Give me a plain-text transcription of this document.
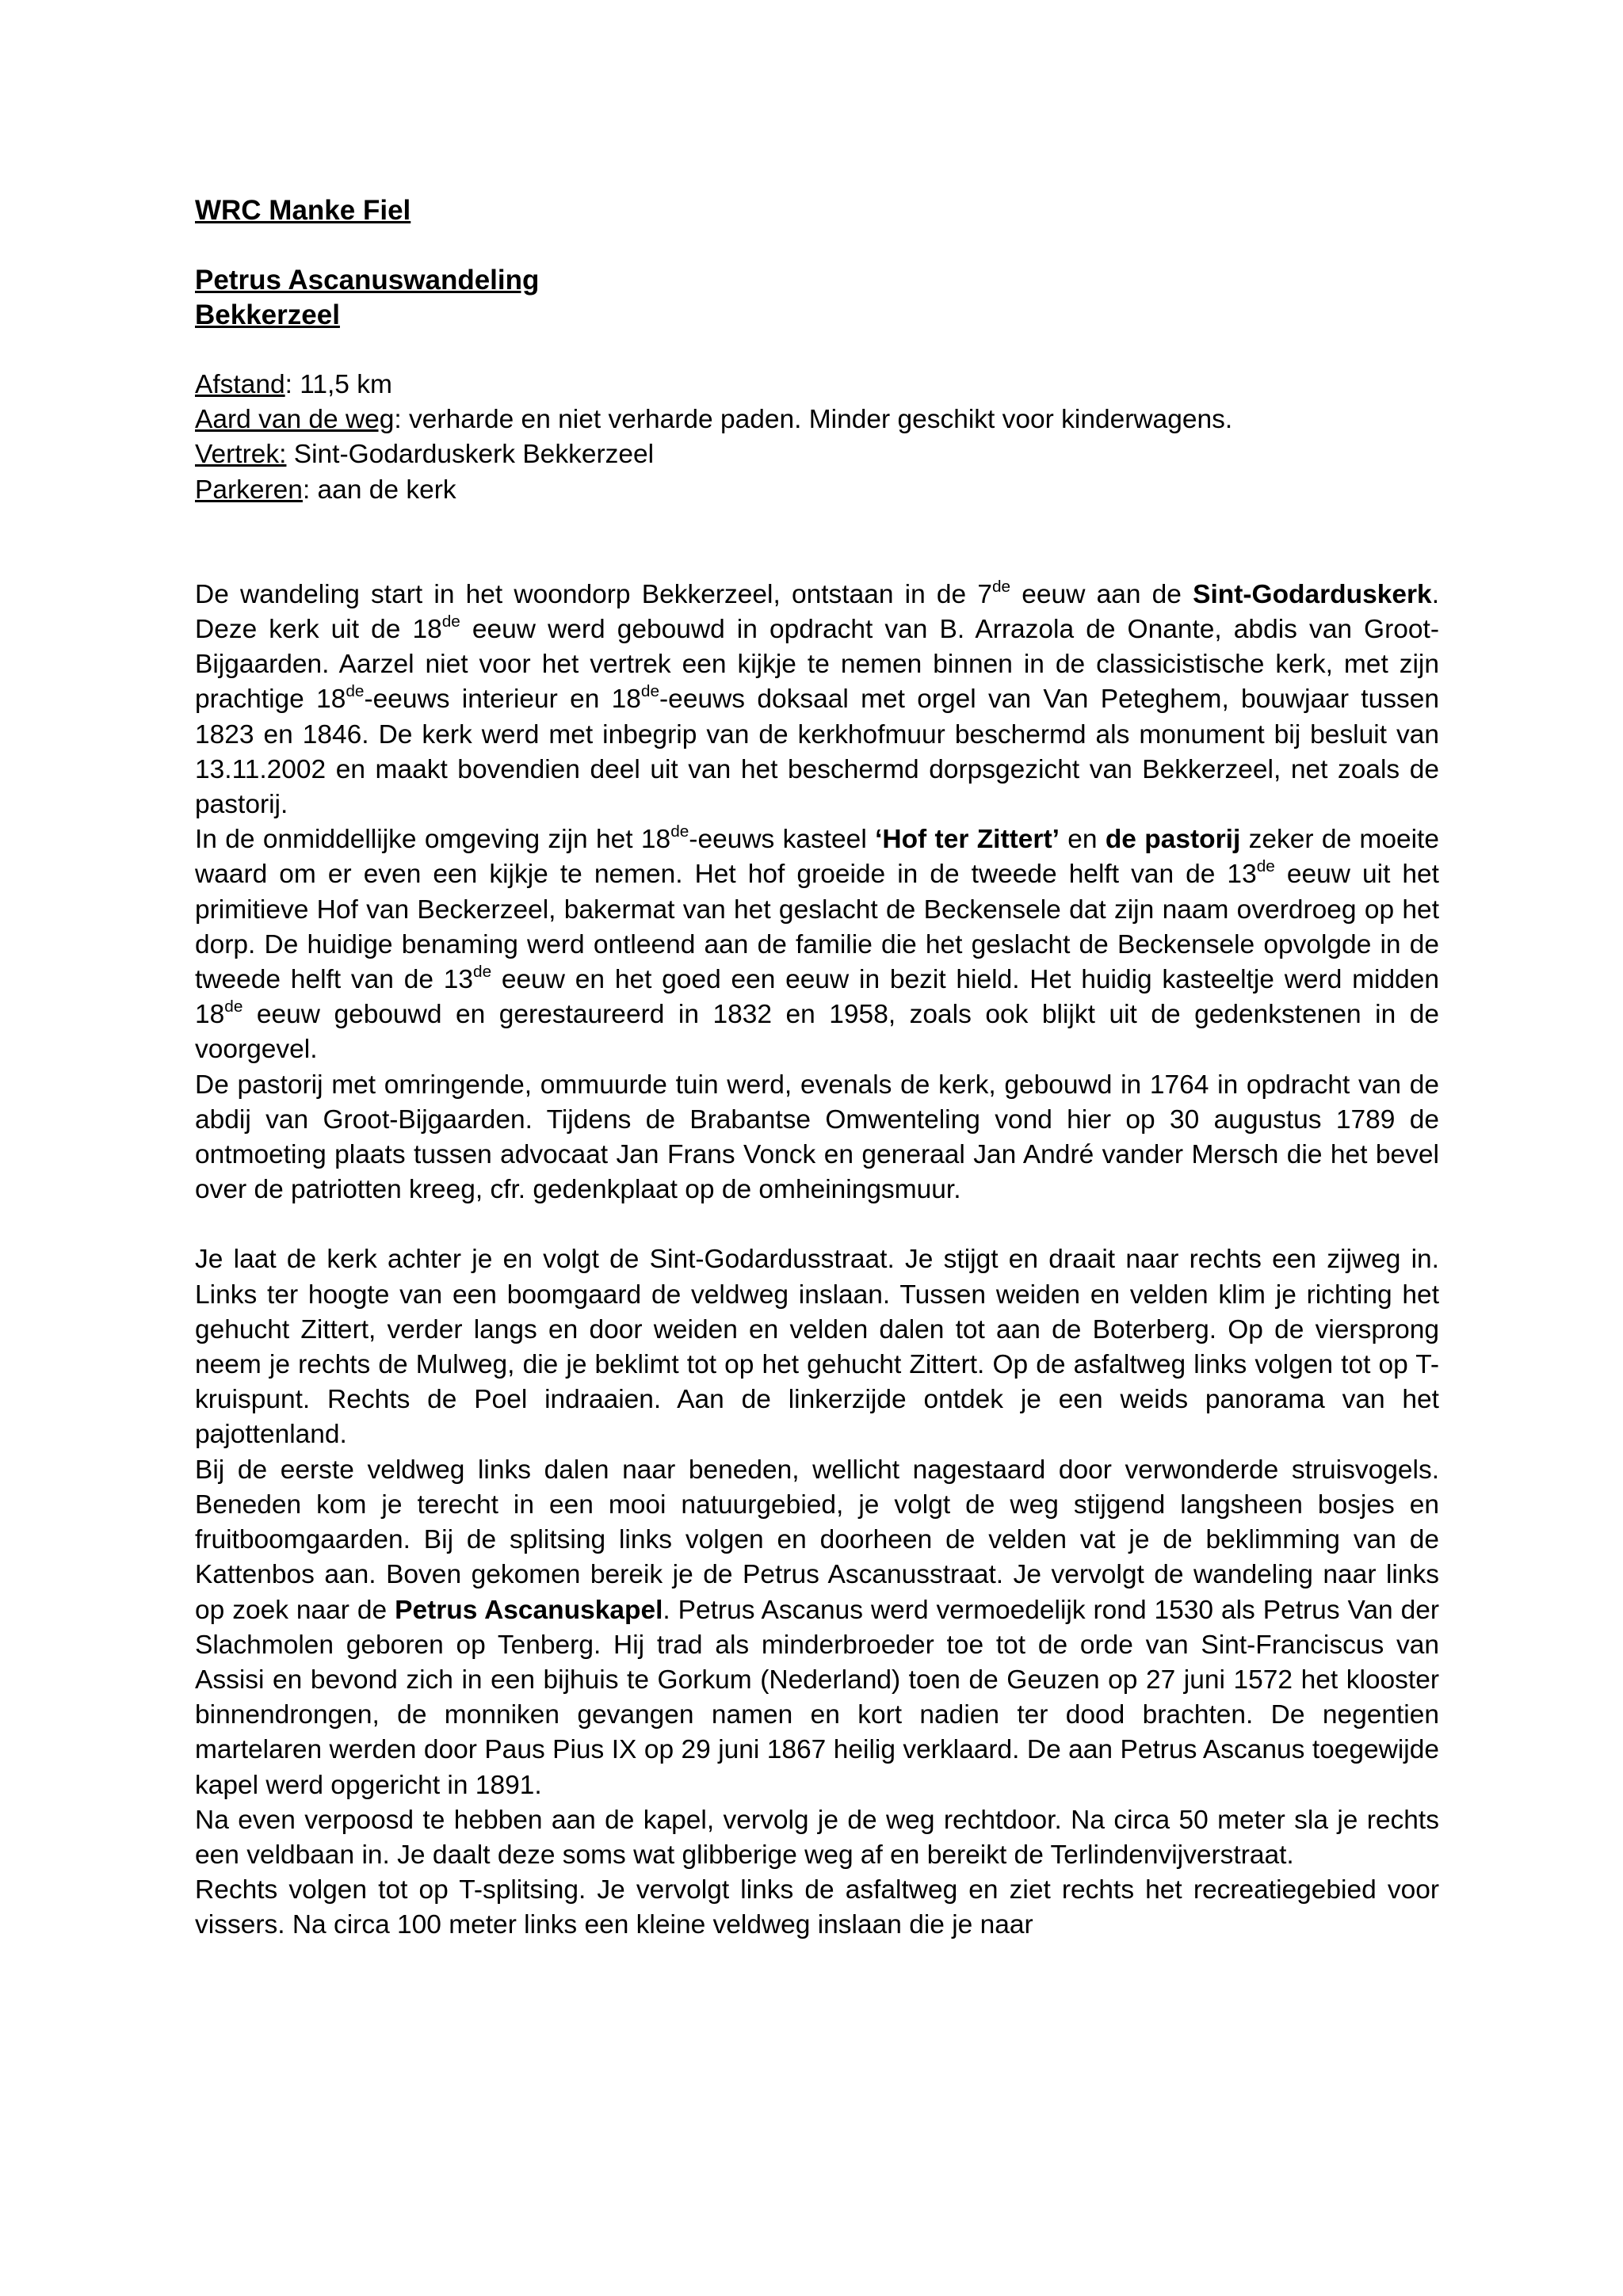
WRC Manke Fiel

Petrus Ascanuswandeling

Bekkerzeel

Afstand: 11,5 km

Aard van de weg: verharde en niet verharde paden. Minder geschikt voor kinderwagens.

Vertrek: Sint-Godarduskerk Bekkerzeel

Parkeren: aan de kerk

De wandeling start in het woondorp Bekkerzeel, ontstaan in de 7de eeuw aan de Sint-Godarduskerk. Deze kerk uit de 18de eeuw werd gebouwd in opdracht van B. Arrazola de Onante, abdis van Groot-Bijgaarden. Aarzel niet voor het vertrek een kijkje te nemen binnen in de classicistische kerk, met zijn prachtige 18de-eeuws interieur en 18de-eeuws doksaal met orgel van Van Peteghem, bouwjaar tussen 1823 en 1846. De kerk werd met inbegrip van de kerkhofmuur beschermd als monument bij besluit van 13.11.2002 en maakt bovendien deel uit van het beschermd dorpsgezicht van Bekkerzeel, net zoals de pastorij.

In de onmiddellijke omgeving zijn het 18de-eeuws kasteel ‘Hof ter Zittert’ en de pastorij zeker de moeite waard om er even een kijkje te nemen. Het hof groeide in de tweede helft van de 13de eeuw uit het primitieve Hof van Beckerzeel, bakermat van het geslacht de Beckensele dat zijn naam overdroeg op het dorp. De huidige benaming werd ontleend aan de familie die het geslacht de Beckensele opvolgde in de tweede helft van de 13de eeuw en het goed een eeuw in bezit hield. Het huidig kasteeltje werd midden 18de eeuw gebouwd en gerestaureerd in 1832 en 1958, zoals ook blijkt uit de gedenkstenen in de voorgevel.

De pastorij met omringende, ommuurde tuin werd, evenals de kerk, gebouwd in 1764 in opdracht van de abdij van Groot-Bijgaarden. Tijdens de Brabantse Omwenteling vond hier op 30 augustus 1789 de ontmoeting plaats tussen advocaat Jan Frans Vonck en generaal Jan André vander Mersch die het bevel over de patriotten kreeg, cfr. gedenkplaat op de omheiningsmuur.

Je laat de kerk achter je en volgt de Sint-Godardusstraat. Je stijgt en draait naar rechts een zijweg in. Links ter hoogte van een boomgaard de veldweg inslaan. Tussen weiden en velden klim je richting het gehucht Zittert, verder langs en door weiden en velden dalen tot aan de Boterberg. Op de viersprong neem je rechts de Mulweg, die je beklimt tot op het gehucht Zittert. Op de asfaltweg links volgen tot op T-kruispunt. Rechts de Poel indraaien. Aan de linkerzijde ontdek je een weids panorama van het pajottenland.

Bij de eerste veldweg links dalen naar beneden, wellicht nagestaard door verwonderde struisvogels. Beneden kom je terecht in een mooi natuurgebied, je volgt de weg stijgend langsheen bosjes en fruitboomgaarden. Bij de splitsing links volgen en doorheen de velden vat je de beklimming van de Kattenbos aan. Boven gekomen bereik je de Petrus Ascanusstraat. Je vervolgt de wandeling naar links op zoek naar de Petrus Ascanuskapel. Petrus Ascanus werd vermoedelijk rond 1530 als Petrus Van der Slachmolen geboren op Tenberg. Hij trad als minderbroeder toe tot de orde van Sint-Franciscus van Assisi en bevond zich in een bijhuis te Gorkum (Nederland) toen de Geuzen op 27 juni 1572 het klooster binnendrongen, de monniken gevangen namen en kort nadien ter dood brachten. De negentien martelaren werden door Paus Pius IX op 29 juni 1867 heilig verklaard. De aan Petrus Ascanus toegewijde kapel werd opgericht in 1891.

Na even verpoosd te hebben aan de kapel, vervolg je de weg rechtdoor. Na circa 50 meter sla je rechts een veldbaan in. Je daalt deze soms wat glibberige weg af en bereikt de Terlindenvijverstraat.

Rechts volgen tot op T-splitsing. Je vervolgt links de asfaltweg en ziet rechts het recreatiegebied voor vissers. Na circa 100 meter links een kleine veldweg inslaan die je naar
